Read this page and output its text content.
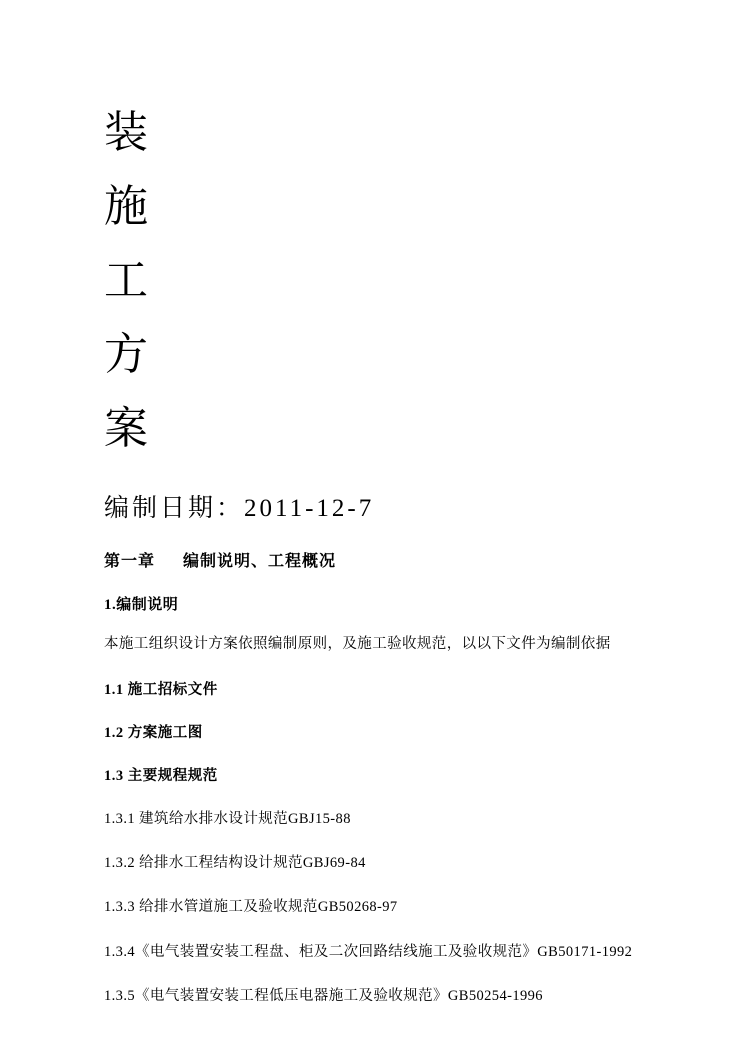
装
施
工
方
案
编制日期：2011-12-7
第一章 编制说明、工程概况
1.编制说明
本施工组织设计方案依照编制原则，及施工验收规范，以以下文件为编制依据
1.1 施工招标文件
1.2 方案施工图
1.3 主要规程规范
1.3.1 建筑给水排水设计规范GBJ15-88
1.3.2 给排水工程结构设计规范GBJ69-84
1.3.3 给排水管道施工及验收规范GB50268-97
1.3.4《电气装置安装工程盘、柜及二次回路结线施工及验收规范》GB50171-1992
1.3.5《电气装置安装工程低压电器施工及验收规范》GB50254-1996
